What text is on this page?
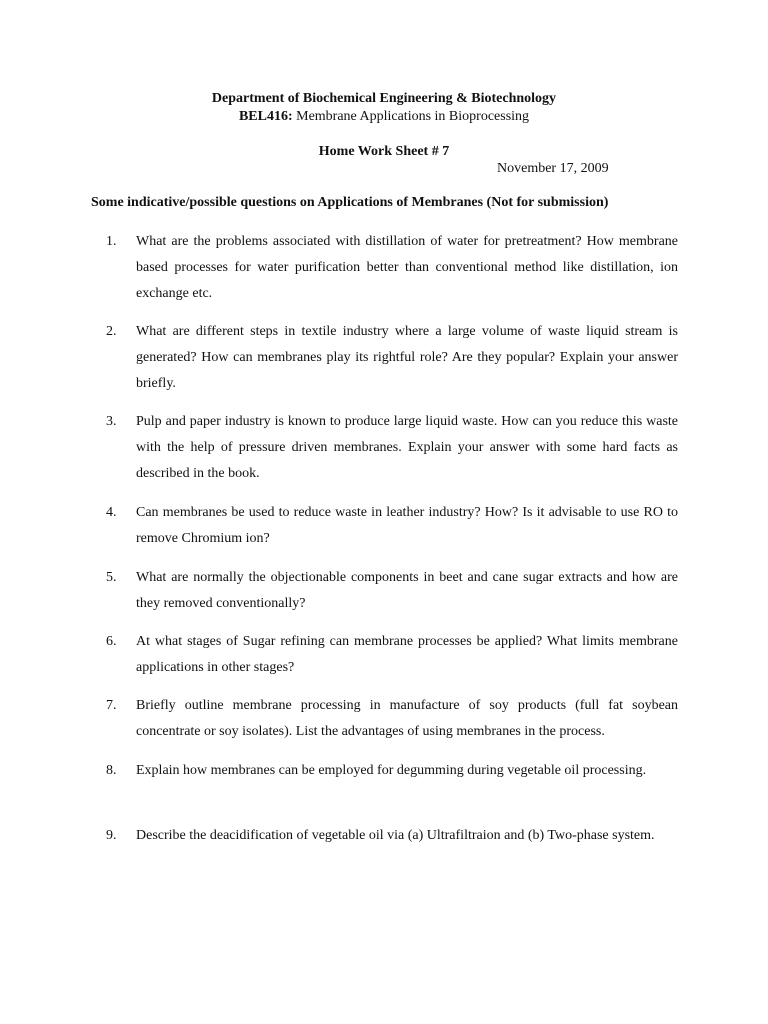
Department of Biochemical Engineering & Biotechnology
BEL416: Membrane Applications in Bioprocessing
Home Work Sheet # 7
November 17, 2009
Some indicative/possible questions on Applications of Membranes (Not for submission)
1.	What are the problems associated with distillation of water for pretreatment? How membrane based processes for water purification better than conventional method like distillation, ion exchange etc.
2.	What are different steps in textile industry where a large volume of waste liquid stream is generated? How can membranes play its rightful role? Are they popular? Explain your answer briefly.
3.	Pulp and paper industry is known to produce large liquid waste. How can you reduce this waste with the help of pressure driven membranes. Explain your answer with some hard facts as described in the book.
4.	Can membranes be used to reduce waste in leather industry? How? Is it advisable to use RO to remove Chromium ion?
5.	What are normally the objectionable components in beet and cane sugar extracts and how are they removed conventionally?
6.	At what stages of Sugar refining can membrane processes be applied? What limits membrane applications in other stages?
7.	Briefly outline membrane processing in manufacture of soy products (full fat soybean concentrate or soy isolates). List the advantages of using membranes in the process.
8.	Explain how membranes can be employed for degumming during vegetable oil processing.
9.	Describe the deacidification of vegetable oil via (a) Ultrafiltraion and (b) Two-phase system.
